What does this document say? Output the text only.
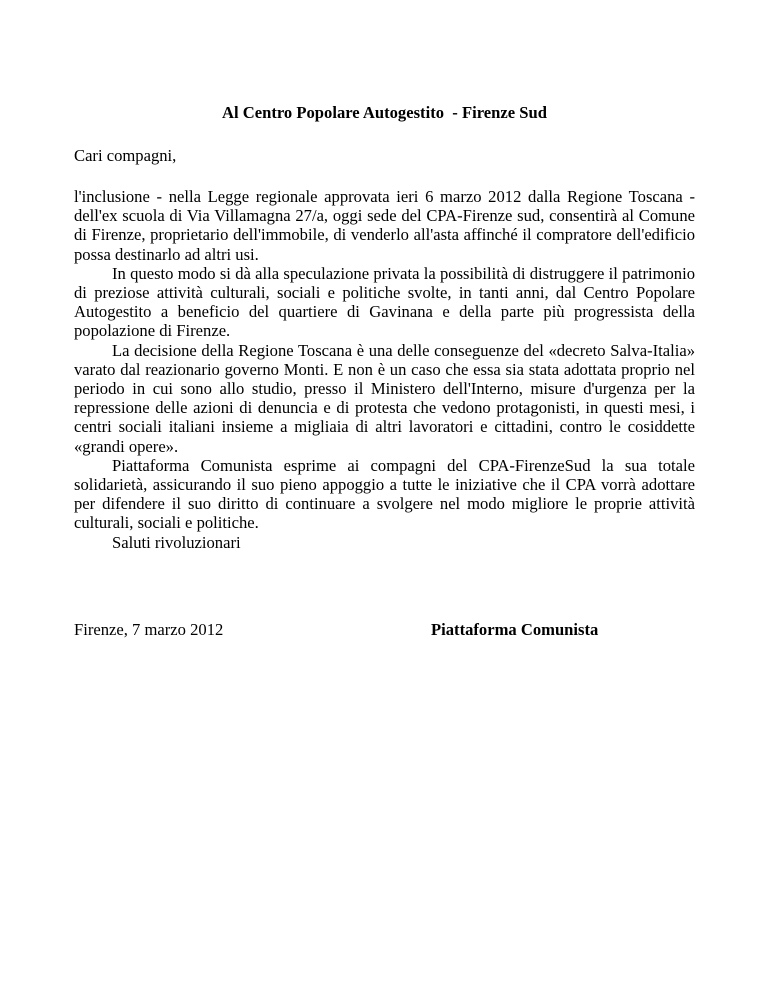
Al Centro Popolare Autogestito  - Firenze Sud
Cari compagni,

l'inclusione - nella Legge regionale approvata ieri 6 marzo 2012 dalla Regione Toscana - dell'ex scuola di Via Villamagna 27/a, oggi sede del CPA-Firenze sud, consentirà al Comune di Firenze, proprietario dell'immobile, di venderlo all'asta affinché il compratore dell'edificio possa destinarlo ad altri usi.

In questo modo si dà alla speculazione privata la possibilità di distruggere il patrimonio di preziose attività culturali, sociali e politiche svolte, in tanti anni, dal Centro Popolare Autogestito a beneficio del quartiere di Gavinana e della parte più progressista della popolazione di Firenze.

La decisione della Regione Toscana è una delle conseguenze del «decreto Salva-Italia» varato dal reazionario governo Monti. E non è un caso che essa sia stata adottata proprio nel periodo in cui sono allo studio, presso il Ministero dell'Interno, misure d'urgenza per la repressione delle azioni di denuncia e di protesta che vedono protagonisti, in questi mesi, i centri sociali italiani insieme a migliaia di altri lavoratori e cittadini, contro le cosiddette «grandi opere».

Piattaforma Comunista esprime ai compagni del CPA-FirenzeSud la sua totale solidarietà, assicurando il suo pieno appoggio a tutte le iniziative che il CPA vorrà adottare per difendere il suo diritto di continuare a svolgere nel modo migliore le proprie attività culturali, sociali e politiche.

Saluti rivoluzionari

Firenze, 7 marzo 2012	Piattaforma Comunista
